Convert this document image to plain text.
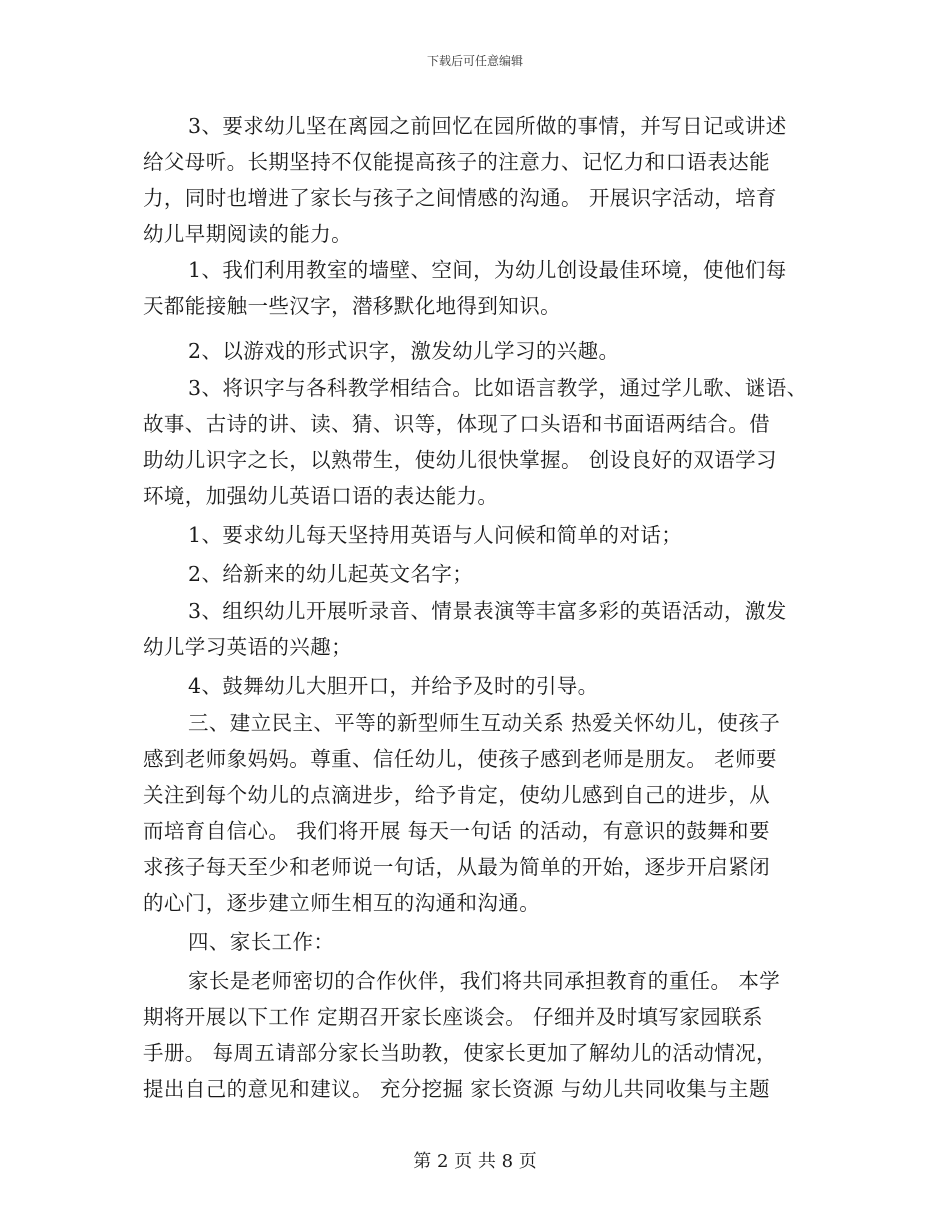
下载后可任意编辑
3、要求幼儿坚在离园之前回忆在园所做的事情，并写日记或讲述
给父母听。长期坚持不仅能提高孩子的注意力、记忆力和口语表达能
力，同时也增进了家长与孩子之间情感的沟通。 开展识字活动，培育
幼儿早期阅读的能力。
1、我们利用教室的墙壁、空间，为幼儿创设最佳环境，使他们每
天都能接触一些汉字，潜移默化地得到知识。
2、以游戏的形式识字，激发幼儿学习的兴趣。
3、将识字与各科教学相结合。比如语言教学，通过学儿歌、谜语、
故事、古诗的讲、读、猜、识等，体现了口头语和书面语两结合。借
助幼儿识字之长，以熟带生，使幼儿很快掌握。 创设良好的双语学习
环境，加强幼儿英语口语的表达能力。
1、要求幼儿每天坚持用英语与人问候和简单的对话；
2、给新来的幼儿起英文名字；
3、组织幼儿开展听录音、情景表演等丰富多彩的英语活动，激发
幼儿学习英语的兴趣；
4、鼓舞幼儿大胆开口，并给予及时的引导。
三、建立民主、平等的新型师生互动关系 热爱关怀幼儿，使孩子
感到老师象妈妈。尊重、信任幼儿，使孩子感到老师是朋友。 老师要
关注到每个幼儿的点滴进步，给予肯定，使幼儿感到自己的进步，从
而培育自信心。 我们将开展 每天一句话 的活动，有意识的鼓舞和要
求孩子每天至少和老师说一句话，从最为简单的开始，逐步开启紧闭
的心门，逐步建立师生相互的沟通和沟通。
四、家长工作：
家长是老师密切的合作伙伴，我们将共同承担教育的重任。 本学
期将开展以下工作 定期召开家长座谈会。 仔细并及时填写家园联系
手册。 每周五请部分家长当助教，使家长更加了解幼儿的活动情况，
提出自己的意见和建议。 充分挖掘 家长资源 与幼儿共同收集与主题
第 2 页 共 8 页
